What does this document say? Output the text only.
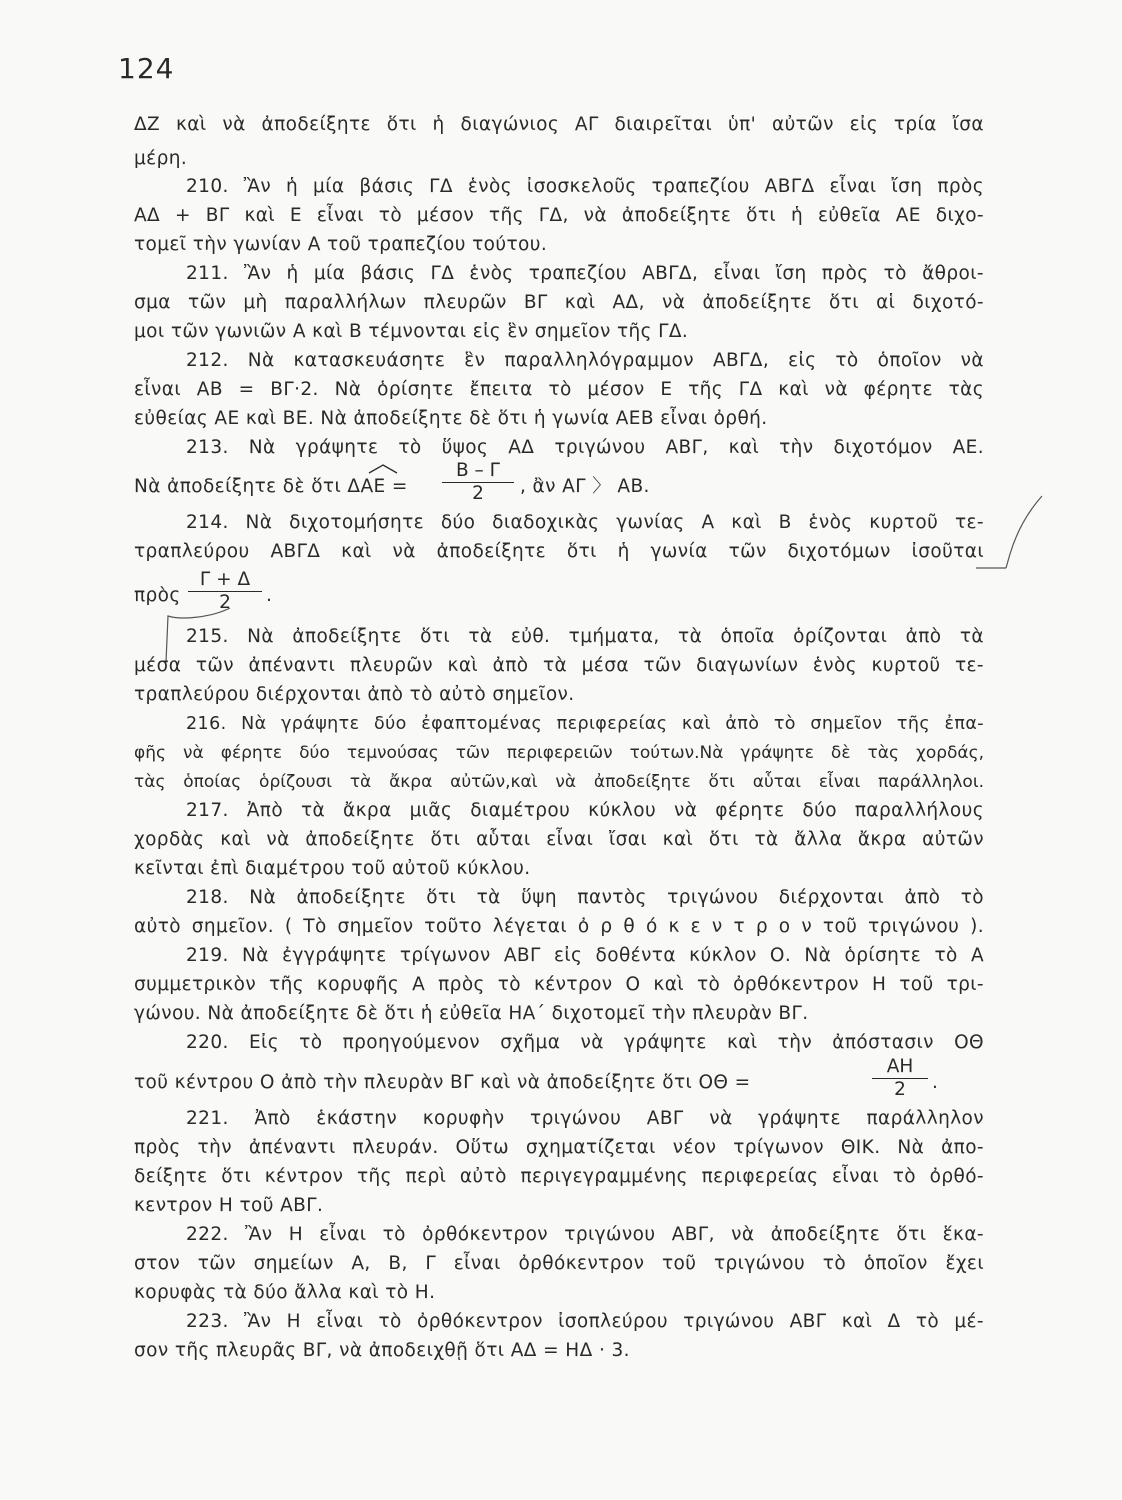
124
ΔΖ καὶ νὰ ἀποδείξητε ὅτι ἡ διαγώνιος ΑΓ διαιρεῖται ὑπ' αὐτῶν εἰς τρία ἴσα
μέρη.
210. Ἂν ἡ μία βάσις ΓΔ ἑνὸς ἰσοσκελοῦς τραπεζίου ΑΒΓΔ εἶναι ἴση πρὸς
ΑΔ + ΒΓ καὶ Ε εἶναι τὸ μέσον τῆς ΓΔ, νὰ ἀποδείξητε ὅτι ἡ εὐθεῖα ΑΕ διχο-
τομεῖ τὴν γωνίαν Α τοῦ τραπεζίου τούτου.
211. Ἂν ἡ μία βάσις ΓΔ ἑνὸς τραπεζίου ΑΒΓΔ, εἶναι ἴση πρὸς τὸ ἄθροι-
σμα τῶν μὴ παραλλήλων πλευρῶν ΒΓ καὶ ΑΔ, νὰ ἀποδείξητε ὅτι αἱ διχοτό-
μοι τῶν γωνιῶν Α καὶ Β τέμνονται εἰς ἓν σημεῖον τῆς ΓΔ.
212. Νὰ κατασκευάσητε ἓν παραλληλόγραμμον ΑΒΓΔ, εἰς τὸ ὁποῖον νὰ
εἶναι ΑΒ = ΒΓ·2. Νὰ ὁρίσητε ἔπειτα τὸ μέσον Ε τῆς ΓΔ καὶ νὰ φέρητε τὰς
εὐθείας ΑΕ καὶ ΒΕ. Νὰ ἀποδείξητε δὲ ὅτι ἡ γωνία ΑΕΒ εἶναι ὀρθή.
213. Νὰ γράψητε τὸ ὕψος ΑΔ τριγώνου ΑΒΓ, καὶ τὴν διχοτόμον ΑΕ.
Νὰ ἀποδείξητε δὲ ὅτι ΔΑΕ =
Β – Γ
2	, ἂν ΑΓ 〉 ΑΒ.
214. Νὰ διχοτομήσητε δύο διαδοχικὰς γωνίας Α καὶ Β ἑνὸς κυρτοῦ τε-
τραπλεύρου ΑΒΓΔ καὶ νὰ ἀποδείξητε ὅτι ἡ γωνία τῶν διχοτόμων ἰσοῦται
πρὸς
Γ + Δ
2	.
215. Νὰ ἀποδείξητε ὅτι τὰ εὐθ. τμήματα, τὰ ὁποῖα ὁρίζονται ἀπὸ τὰ
μέσα τῶν ἀπέναντι πλευρῶν καὶ ἀπὸ τὰ μέσα τῶν διαγωνίων ἑνὸς κυρτοῦ τε-
τραπλεύρου διέρχονται ἀπὸ τὸ αὐτὸ σημεῖον.
216. Νὰ γράψητε δύο ἐφαπτομένας περιφερείας καὶ ἀπὸ τὸ σημεῖον τῆς ἐπα-
φῆς νὰ φέρητε δύο τεμνούσας τῶν περιφερειῶν τούτων.Νὰ γράψητε δὲ τὰς χορδάς,
τὰς ὁποίας ὁρίζουσι τὰ ἄκρα αὐτῶν,καὶ νὰ ἀποδείξητε ὅτι αὗται εἶναι παράλληλοι.
217. Ἀπὸ τὰ ἄκρα μιᾶς διαμέτρου κύκλου νὰ φέρητε δύο παραλλήλους
χορδὰς καὶ νὰ ἀποδείξητε ὅτι αὗται εἶναι ἴσαι καὶ ὅτι τὰ ἄλλα ἄκρα αὐτῶν
κεῖνται ἐπὶ διαμέτρου τοῦ αὐτοῦ κύκλου.
218. Νὰ ἀποδείξητε ὅτι τὰ ὕψη παντὸς τριγώνου διέρχονται ἀπὸ τὸ
αὐτὸ σημεῖον. ( Τὸ σημεῖον τοῦτο λέγεται ὀ ρ θ ό κ ε ν τ ρ ο ν τοῦ τριγώνου ).
219. Νὰ ἐγγράψητε τρίγωνον ΑΒΓ εἰς δοθέντα κύκλον Ο. Νὰ ὁρίσητε τὸ Α
συμμετρικὸν τῆς κορυφῆς Α πρὸς τὸ κέντρον Ο καὶ τὸ ὀρθόκεντρον Η τοῦ τρι-
γώνου. Νὰ ἀποδείξητε δὲ ὅτι ἡ εὐθεῖα ΗΑ΄ διχοτομεῖ τὴν πλευρὰν ΒΓ.
220. Εἰς τὸ προηγούμενον σχῆμα νὰ γράψητε καὶ τὴν ἀπόστασιν ΟΘ
τοῦ κέντρου Ο ἀπὸ τὴν πλευρὰν ΒΓ καὶ νὰ ἀποδείξητε ὅτι ΟΘ =
ΑΗ
2	.
221. Ἀπὸ ἑκάστην κορυφὴν τριγώνου ΑΒΓ νὰ γράψητε παράλληλον
πρὸς τὴν ἀπέναντι πλευράν. Οὕτω σχηματίζεται νέον τρίγωνον ΘΙΚ. Νὰ ἀπο-
δείξητε ὅτι κέντρον τῆς περὶ αὐτὸ περιγεγραμμένης περιφερείας εἶναι τὸ ὀρθό-
κεντρον Η τοῦ ΑΒΓ.
222. Ἂν Η εἶναι τὸ ὀρθόκεντρον τριγώνου ΑΒΓ, νὰ ἀποδείξητε ὅτι ἕκα-
στον τῶν σημείων Α, Β, Γ εἶναι ὀρθόκεντρον τοῦ τριγώνου τὸ ὁποῖον ἔχει
κορυφὰς τὰ δύο ἄλλα καὶ τὸ Η.
223. Ἂν Η εἶναι τὸ ὀρθόκεντρον ἰσοπλεύρου τριγώνου ΑΒΓ καὶ Δ τὸ μέ-
σον τῆς πλευρᾶς ΒΓ, νὰ ἀποδειχθῇ ὅτι ΑΔ = ΗΔ · 3.
